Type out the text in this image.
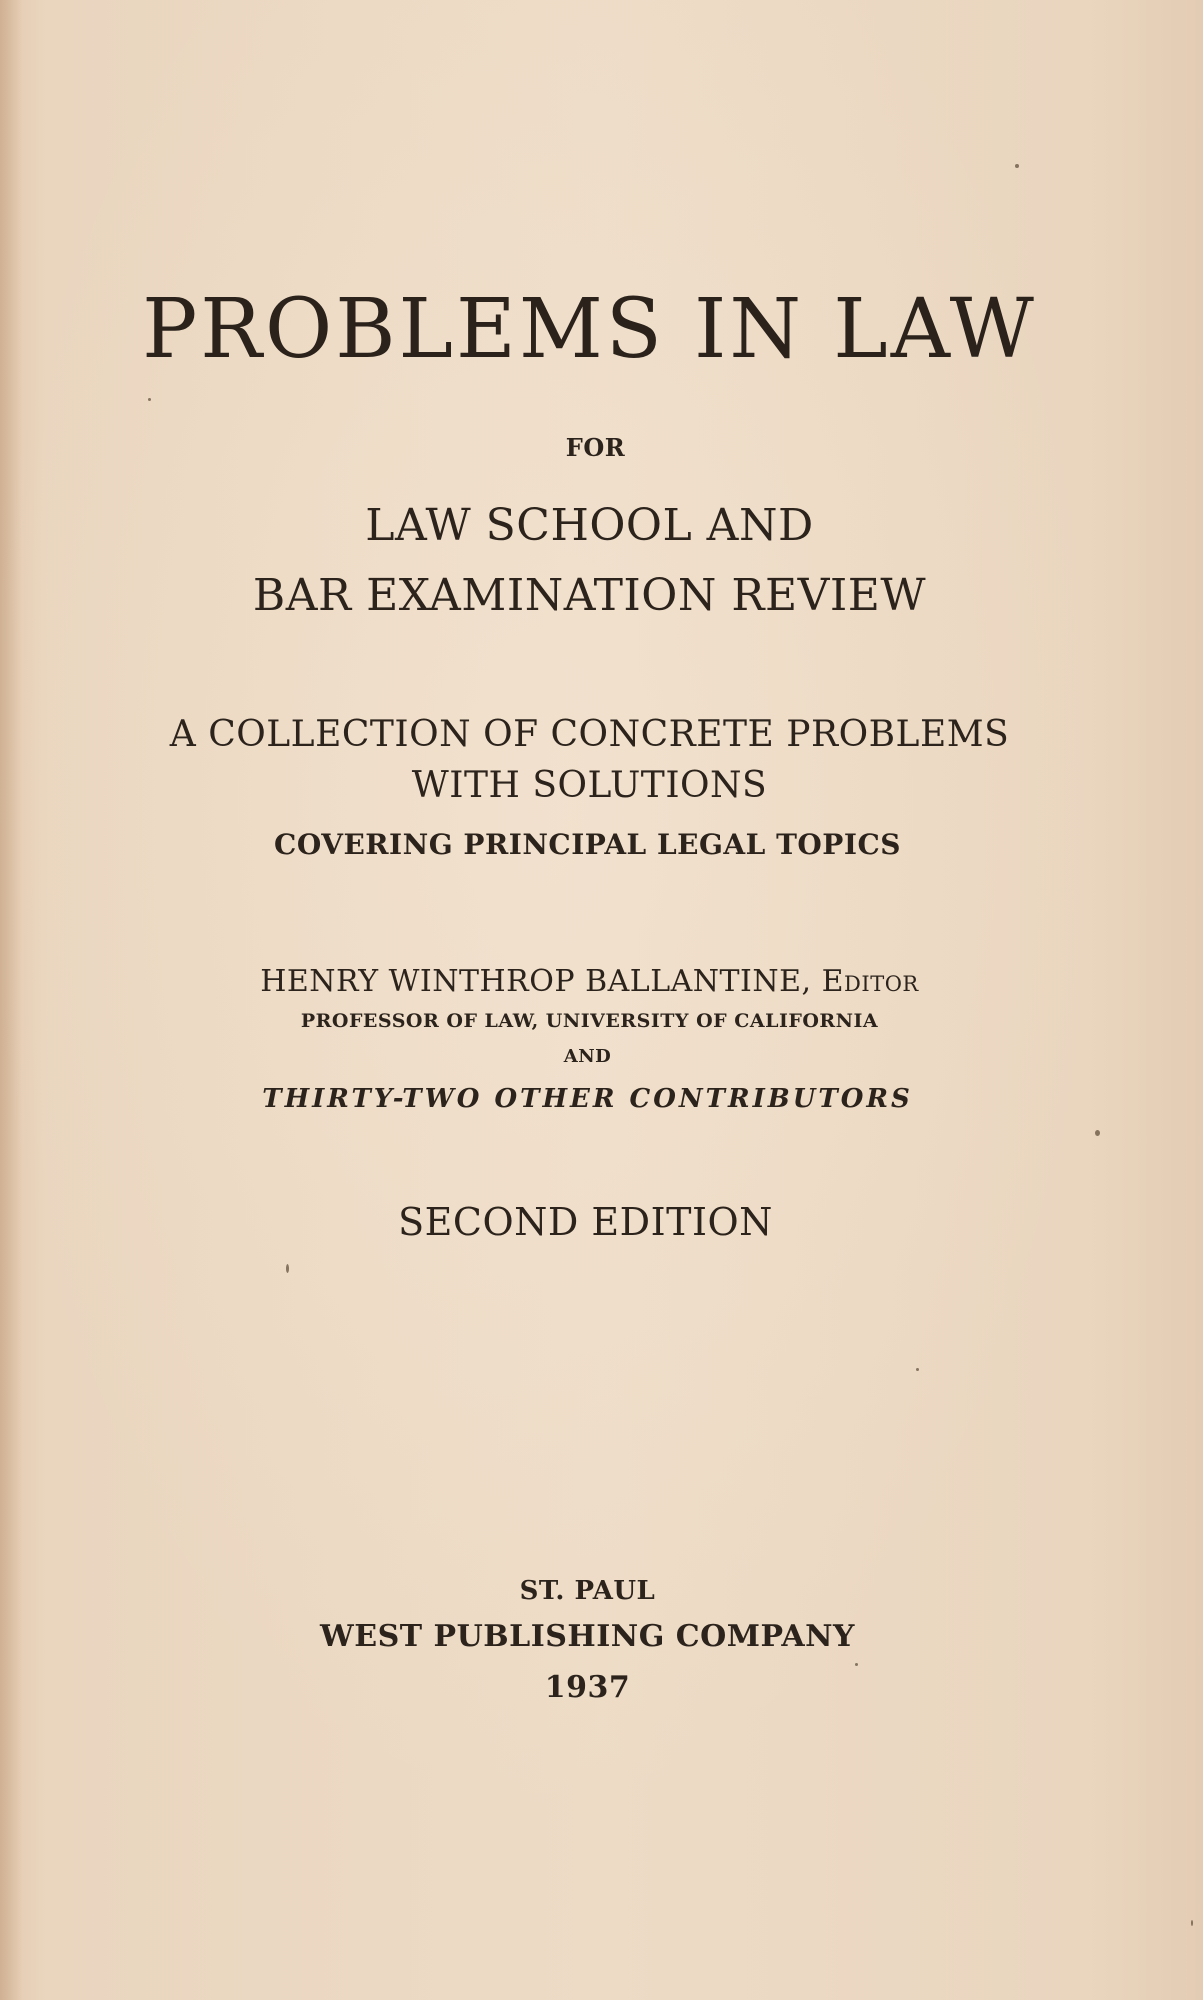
PROBLEMS IN LAW
FOR
LAW SCHOOL AND
BAR EXAMINATION REVIEW
A COLLECTION OF CONCRETE PROBLEMS
WITH SOLUTIONS
COVERING PRINCIPAL LEGAL TOPICS
HENRY WINTHROP BALLANTINE, Editor
PROFESSOR OF LAW, UNIVERSITY OF CALIFORNIA
AND
THIRTY-TWO OTHER CONTRIBUTORS
SECOND EDITION
ST. PAUL
WEST PUBLISHING COMPANY
1937
